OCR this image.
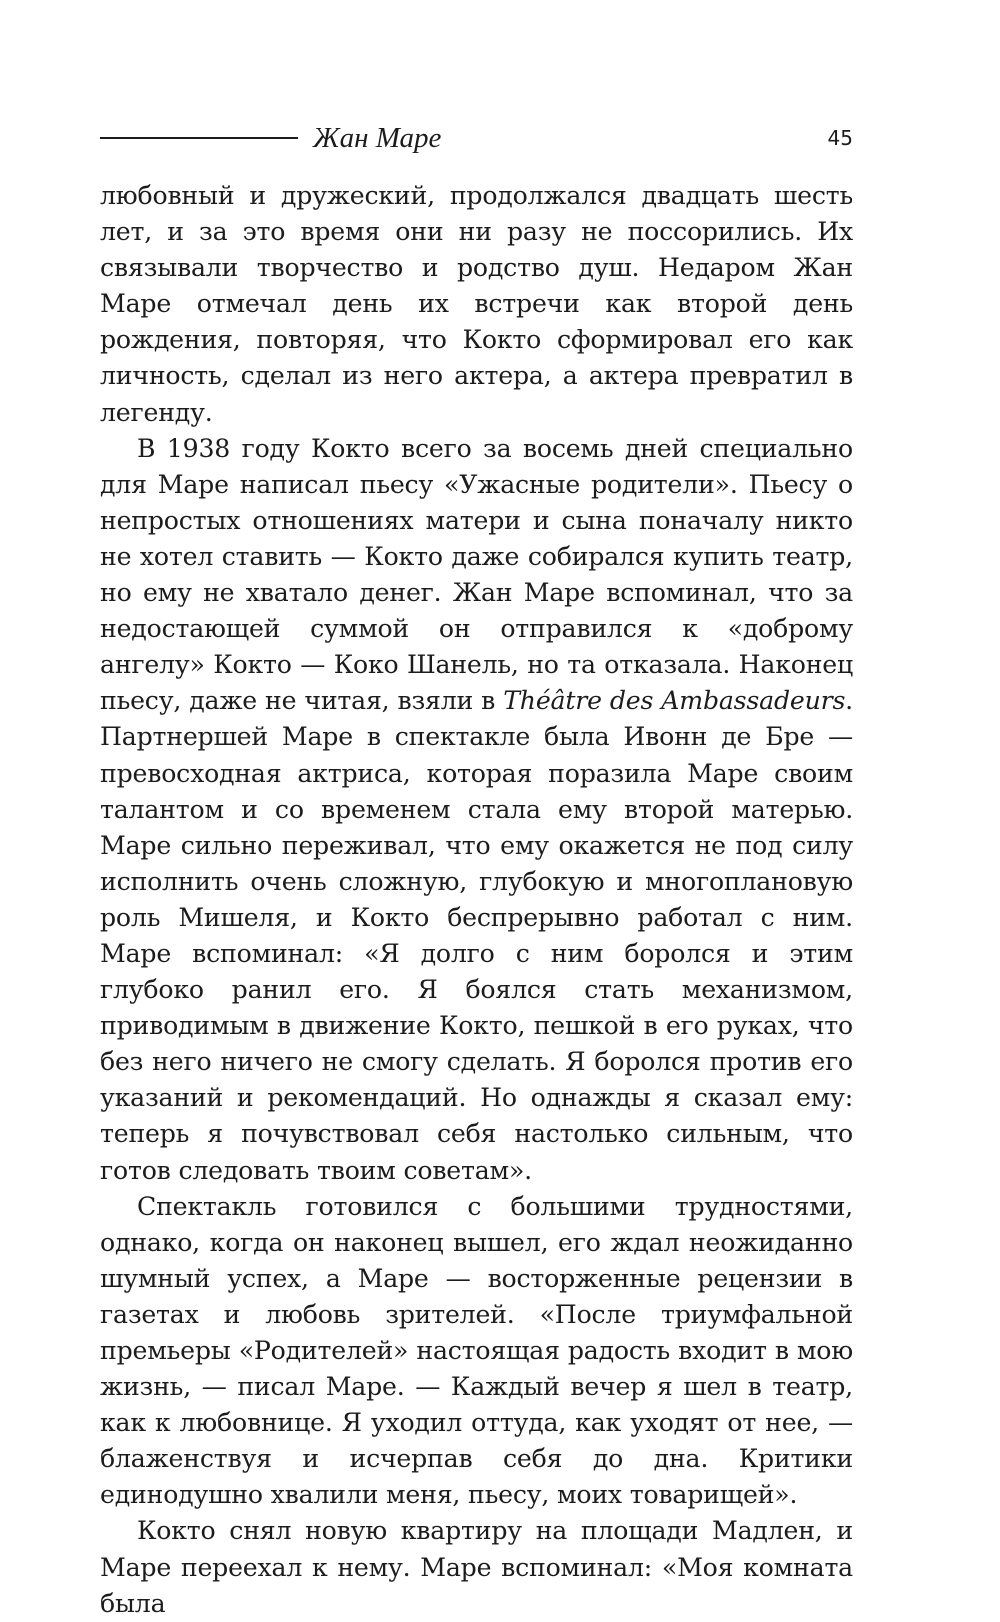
Жан Маре	45

любовный и дружеский, продолжался двадцать шесть лет, и за это время они ни разу не поссорились. Их связывали творчество и родство душ. Недаром Жан Маре отмечал день их встречи как второй день рождения, повторяя, что Кокто сформировал его как личность, сделал из него актера, а актера превратил в легенду.

В 1938 году Кокто всего за восемь дней специально для Маре написал пьесу «Ужасные родители». Пьесу о непростых отношениях матери и сына поначалу никто не хотел ставить — Кокто даже собирался купить театр, но ему не хватало денег. Жан Маре вспоминал, что за недостающей суммой он отправился к «доброму ангелу» Кокто — Коко Шанель, но та отказала. Наконец пьесу, даже не читая, взяли в Théâtre des Ambassadeurs. Партнершей Маре в спектакле была Ивонн де Бре — превосходная актриса, которая поразила Маре своим талантом и со временем стала ему второй матерью. Маре сильно переживал, что ему окажется не под силу исполнить очень сложную, глубокую и многоплановую роль Мишеля, и Кокто беспрерывно работал с ним. Маре вспоминал: «Я долго с ним боролся и этим глубоко ранил его. Я боялся стать механизмом, приводимым в движение Кокто, пешкой в его руках, что без него ничего не смогу сделать. Я боролся против его указаний и рекомендаций. Но однажды я сказал ему: теперь я почувствовал себя настолько сильным, что готов следовать твоим советам».

Спектакль готовился с большими трудностями, однако, когда он наконец вышел, его ждал неожиданно шумный успех, а Маре — восторженные рецензии в газетах и любовь зрителей. «После триумфальной премьеры «Родителей» настоящая радость входит в мою жизнь, — писал Маре. — Каждый вечер я шел в театр, как к любовнице. Я уходил оттуда, как уходят от нее, — блаженствуя и исчерпав себя до дна. Критики единодушно хвалили меня, пьесу, моих товарищей».

Кокто снял новую квартиру на площади Мадлен, и Маре переехал к нему. Маре вспоминал: «Моя комната была
